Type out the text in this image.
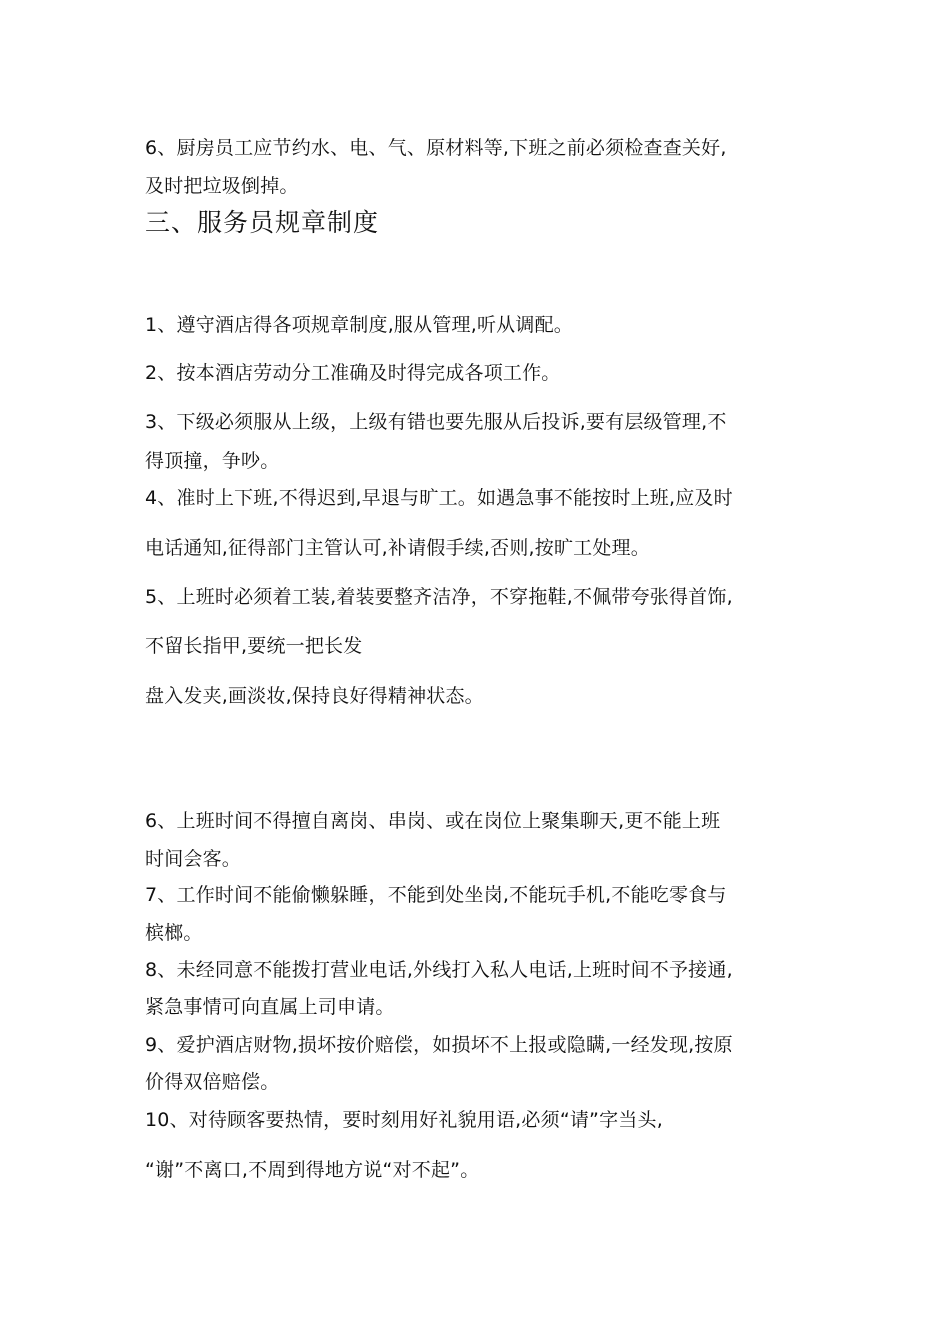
6、厨房员工应节约水、电、气、原材料等,下班之前必须检查查关好,
及时把垃圾倒掉。
三、服务员规章制度
1、遵守酒店得各项规章制度,服从管理,听从调配。
2、按本酒店劳动分工准确及时得完成各项工作。
3、下级必须服从上级，上级有错也要先服从后投诉,要有层级管理,不
得顶撞，争吵。
4、准时上下班,不得迟到,早退与旷工。如遇急事不能按时上班,应及时
电话通知,征得部门主管认可,补请假手续,否则,按旷工处理。
5、上班时必须着工装,着装要整齐洁净，不穿拖鞋,不佩带夸张得首饰,
不留长指甲,要统一把长发
盘入发夹,画淡妆,保持良好得精神状态。
6、上班时间不得擅自离岗、串岗、或在岗位上聚集聊天,更不能上班
时间会客。
7、工作时间不能偷懒躲睡，不能到处坐岗,不能玩手机,不能吃零食与
槟榔。
8、未经同意不能拨打营业电话,外线打入私人电话,上班时间不予接通,
紧急事情可向直属上司申请。
9、爱护酒店财物,损坏按价赔偿，如损坏不上报或隐瞒,一经发现,按原
价得双倍赔偿。
10、对待顾客要热情，要时刻用好礼貌用语,必须“请”字当头,
“谢”不离口,不周到得地方说“对不起”。
